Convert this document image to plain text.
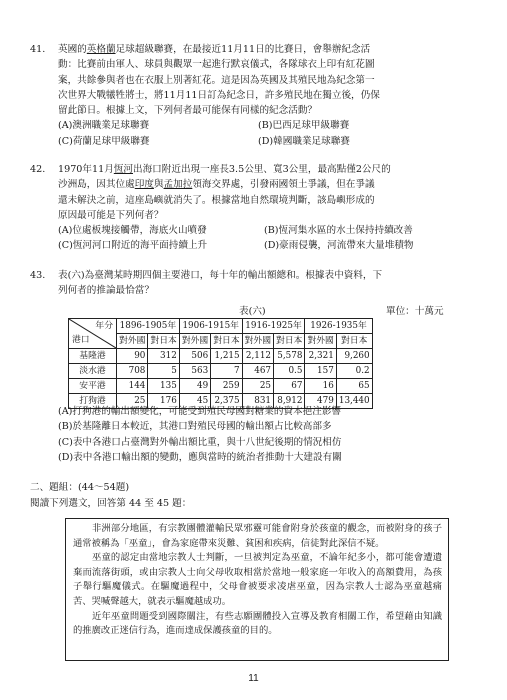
41.	英國的英格蘭足球超級聯賽，在最接近11月11日的比賽日，會舉辦紀念活
動：比賽前由軍人、球員與觀眾一起進行默哀儀式，各隊球衣上印有紅花圖
案，共餘參與者也在衣服上別著紅花。這是因為英國及其殖民地為紀念第一
次世界大戰犧牲將士，將11月11日訂為紀念日，許多殖民地在獨立後，仍保
留此節日。根據上文，下列何者最可能保有同樣的紀念活動？
(A)澳洲職業足球聯賽	(B)巴西足球甲級聯賽
(C)荷蘭足球甲級聯賽	(D)韓國職業足球聯賽
42.	1970年11月恆河出海口附近出現一座長3.5公里、寬3公里，最高點僅2公尺的
沙洲島，因其位處印度與孟加拉領海交界處，引發兩國領土爭議，但在爭議
還未解決之前，這座島嶼就消失了。根據當地自然環境判斷，該島嶼形成的
原因最可能是下列何者？
(A)位處板塊接觸帶，海底火山噴發	(B)恆河集水區的水土保持持續改善
(C)恆河河口附近的海平面持續上升	(D)豪雨侵襲，河流帶來大量堆積物
43.	表(六)為臺灣某時期四個主要港口，每十年的輸出額總和。根據表中資料，下
列何者的推論最恰當？
表(六)	單位：十萬元
年分
港口	1896-1905年		1906-1915年		1916-1925年		1926-1935年	
	對外國	對日本	對外國	對日本	對外國	對日本	對外國	對日本
基隆港	90	312	506	1,215	2,112	5,578	2,321	9,260
淡水港	708	5	563	7	467	0.5	157	0.2
安平港	144	135	49	259	25	67	16	65
打狗港	25	176	45	2,375	831	8,912	479	13,440
(A)打狗港的輸出額變化，可能受到殖民母國對糖業的資本挹注影響
(B)於基隆離日本較近，其港口對殖民母國的輸出額占比較高部多
(C)表中各港口占臺灣對外輸出額比重，與十八世紀後期的情況相仿
(D)表中各港口輸出額的變動，應與當時的統治者推動十大建設有關
二、題組：(44～54題)
閱讀下列選文，回答第 44 至 45 題：

非洲部分地區，有宗教團體灌輸民眾邪靈可能會附身於孩童的觀念，而被附身的孩子通常被稱為「巫童」，會為家庭帶來災難、貧困和疾病，信徒對此深信不疑。

巫童的認定由當地宗教人士判斷，一旦被判定為巫童，不論年紀多小，都可能會遭遺棄而流落街頭，或由宗教人士向父母收取相當於當地一般家庭一年收入的高額費用，為孩子舉行驅魔儀式。在驅魔過程中，父母會被要求凌虐巫童，因為宗教人士認為巫童越痛苦、哭喊聲越大，就表示驅魔越成功。

近年巫童問題受到國際關注，有些志願團體投入宣導及教育相關工作，希望藉由知識的推廣改正迷信行為，進而達成保護孩童的目的。

11
